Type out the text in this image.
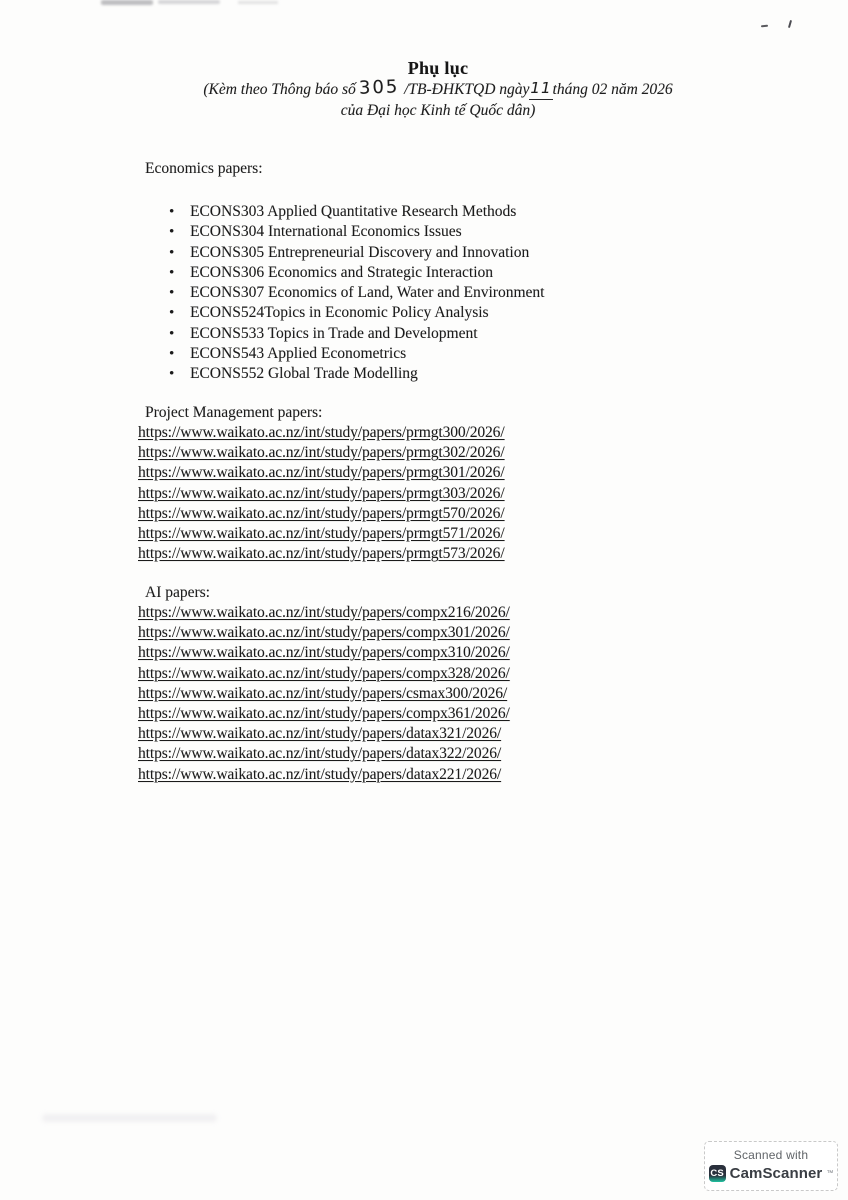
Phụ lục
(Kèm theo Thông báo số 305 /TB-ĐHKTQD ngày11tháng 02 năm 2026
của Đại học Kinh tế Quốc dân)
Economics papers:
• ECONS303 Applied Quantitative Research Methods
• ECONS304 International Economics Issues
• ECONS305 Entrepreneurial Discovery and Innovation
• ECONS306 Economics and Strategic Interaction
• ECONS307 Economics of Land, Water and Environment
• ECONS524Topics in Economic Policy Analysis
• ECONS533 Topics in Trade and Development
• ECONS543 Applied Econometrics
• ECONS552 Global Trade Modelling
Project Management papers:
https://www.waikato.ac.nz/int/study/papers/prmgt300/2026/
https://www.waikato.ac.nz/int/study/papers/prmgt302/2026/
https://www.waikato.ac.nz/int/study/papers/prmgt301/2026/
https://www.waikato.ac.nz/int/study/papers/prmgt303/2026/
https://www.waikato.ac.nz/int/study/papers/prmgt570/2026/
https://www.waikato.ac.nz/int/study/papers/prmgt571/2026/
https://www.waikato.ac.nz/int/study/papers/prmgt573/2026/
AI papers:
https://www.waikato.ac.nz/int/study/papers/compx216/2026/
https://www.waikato.ac.nz/int/study/papers/compx301/2026/
https://www.waikato.ac.nz/int/study/papers/compx310/2026/
https://www.waikato.ac.nz/int/study/papers/compx328/2026/
https://www.waikato.ac.nz/int/study/papers/csmax300/2026/
https://www.waikato.ac.nz/int/study/papers/compx361/2026/
https://www.waikato.ac.nz/int/study/papers/datax321/2026/
https://www.waikato.ac.nz/int/study/papers/datax322/2026/
https://www.waikato.ac.nz/int/study/papers/datax221/2026/
Scanned with
CS CamScanner ™
